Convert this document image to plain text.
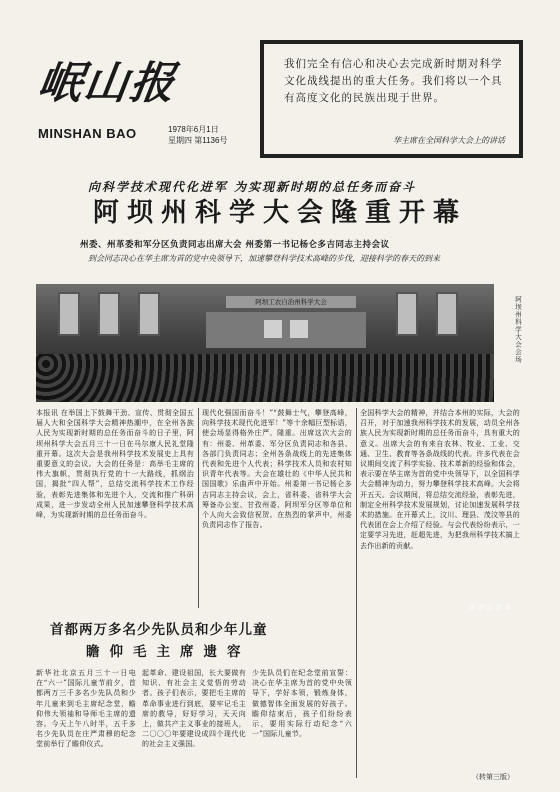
岷山报
MINSHAN BAO	1978年6月1日
星期四 第1136号
我们完全有信心和决心去完成新时期对科学文化战线提出的重大任务。我们将以一个具有高度文化的民族出现于世界。
华主席在全国科学大会上的讲话
向科学技术现代化进军 为实现新时期的总任务而奋斗
阿坝州科学大会隆重开幕
州委、州革委和军分区负责同志出席大会 州委第一书记杨仑多吉同志主持会议
到会同志决心在华主席为首的党中央领导下，加速攀登科学技术高峰的步伐，迎接科学的春天的到来
阿坝工农自治州科学大会
本报记者摄
阿坝州科学大会会场
本报讯 在举国上下鼓舞干劲、宣传、贯彻全国五届人大和全国科学大会精神热潮中，在全州各族人民为实现新时期的总任务而奋斗的日子里，阿坝州科学大会五月三十一日在马尔康人民礼堂隆重开幕。这次大会是我州科学技术发展史上具有重要意义的会议。大会的任务是：高举毛主席的伟大旗帜，贯彻执行党的十一大路线，抓纲治国，揭批“四人帮”，总结交流科学技术工作经验，表彰先进集体和先进个人，交流和推广科研成果，进一步发动全州人民加速攀登科学技术高峰，为实现新时期的总任务而奋斗。
现代化强国而奋斗！”“鼓舞士气，攀登高峰，向科学技术现代化进军！”等十余幅巨型标语，使会场显得格外庄严、隆重。出席这次大会的有：州委、州革委、军分区负责同志和各县、各部门负责同志；全州各条战线上的先进集体代表和先进个人代表；科学技术人员和农村知识青年代表等。大会在雄壮的《中华人民共和国国歌》乐曲声中开始。州委第一书记杨仑多吉同志主持会议，会上，省科委、省科学大会筹备办公室、甘孜州委、阿坝军分区等单位和个人向大会致信祝贺。在热烈的掌声中，州委负责同志作了报告。
全国科学大会的精神，并结合本州的实际，大会的召开，对于加速我州科学技术的发展，动员全州各族人民为实现新时期的总任务而奋斗，具有重大的意义。出席大会的有来自农林、牧业、工业、交通、卫生、教育等各条战线的代表。许多代表在会议期间交流了科学实验、技术革新的经验和体会，表示要在华主席为首的党中央领导下，以全国科学大会精神为动力，努力攀登科学技术高峰。大会将开五天。会议期间，将总结交流经验，表彰先进，制定全州科学技术发展规划，讨论加速发展科学技术的措施。在开幕式上，汶川、理县、茂汶等县的代表团在会上介绍了经验。与会代表纷纷表示，一定要学习先进，赶超先进，为把我州科学技术搞上去作出新的贡献。
（转第三版）
首都两万多名少先队员和少年儿童
瞻仰毛主席遗容
新华社北京五月三十一日电 在“六一”国际儿童节前夕，首都两万三千多名少先队员和少年儿童来到毛主席纪念堂，瞻仰伟大领袖和导师毛主席的遗容。今天上午八时半，五千多名少先队员在庄严肃穆的纪念堂前举行了瞻仰仪式。
起革命、建设祖国，长大要做有知识、有社会主义觉悟的劳动者。孩子们表示，要把毛主席的革命事业进行到底，要牢记毛主席的教导，好好学习，天天向上，做共产主义事业的接班人，二〇〇〇年要建设成四个现代化的社会主义强国。
少先队员们在纪念堂前宣誓：决心在华主席为首的党中央领导下，学好本领，锻炼身体，做德智体全面发展的好孩子。瞻仰结束后，孩子们纷纷表示，要用实际行动纪念“六一”国际儿童节。
